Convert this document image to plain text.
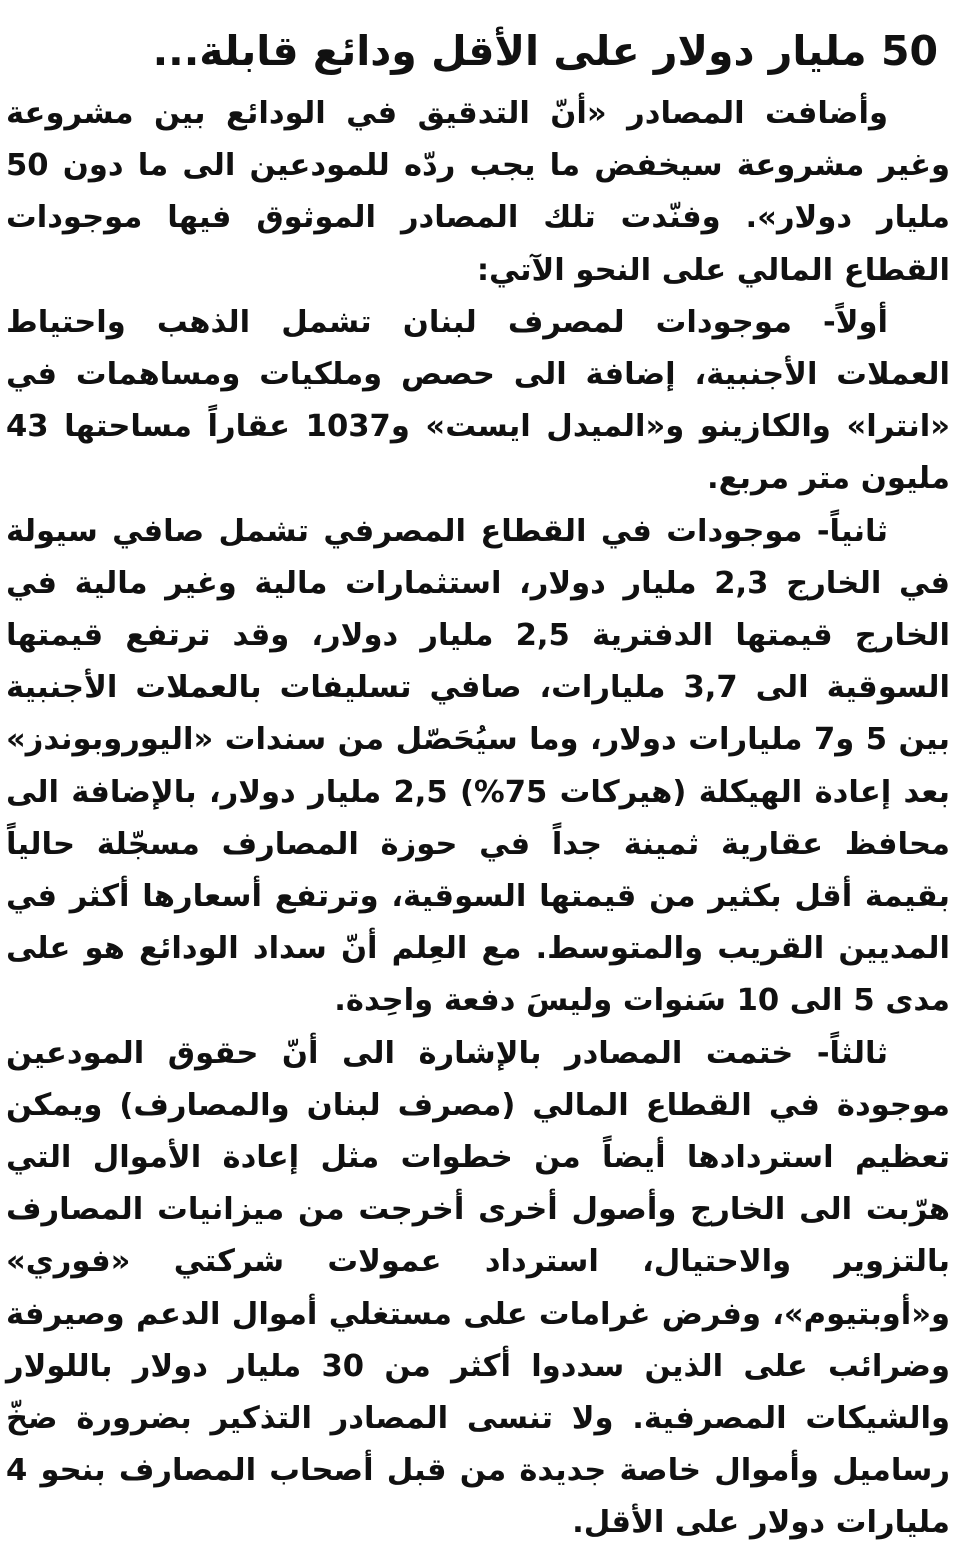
50 مليار دولار على الأقل ودائع قابلة...

وأضافت المصادر «أنّ التدقيق في الودائع بين مشروعة وغير مشروعة سيخفض ما يجب ردّه للمودعين الى ما دون 50 مليار دولار». وفنّدت تلك المصادر الموثوق فيها موجودات القطاع المالي على النحو الآتي:

أولاً- موجودات لمصرف لبنان تشمل الذهب واحتياط العملات الأجنبية، إضافة الى حصص وملكيات ومساهمات في «انترا» والكازينو و«الميدل ايست» و1037 عقاراً مساحتها 43 مليون متر مربع.

ثانياً- موجودات في القطاع المصرفي تشمل صافي سيولة في الخارج 2,3 مليار دولار، استثمارات مالية وغير مالية في الخارج قيمتها الدفترية 2,5 مليار دولار، وقد ترتفع قيمتها السوقية الى 3,7 مليارات، صافي تسليفات بالعملات الأجنبية بين 5 و7 مليارات دولار، وما سيُحَصّل من سندات «اليوروبوندز» بعد إعادة الهيكلة (هيركات 75%) 2,5 مليار دولار، بالإضافة الى محافظ عقارية ثمينة جداً في حوزة المصارف مسجّلة حالياً بقيمة أقل بكثير من قيمتها السوقية، وترتفع أسعارها أكثر في المديين القريب والمتوسط. مع العِلم أنّ سداد الودائع هو على مدى 5 الى 10 سَنوات وليسَ دفعة واحِدة.

ثالثاً- ختمت المصادر بالإشارة الى أنّ حقوق المودعين موجودة في القطاع المالي (مصرف لبنان والمصارف) ويمكن تعظيم استردادها أيضاً من خطوات مثل إعادة الأموال التي هرّبت الى الخارج وأصول أخرى أخرجت من ميزانيات المصارف بالتزوير والاحتيال، استرداد عمولات شركتي «فوري» و«أوبتيوم»، وفرض غرامات على مستغلي أموال الدعم وصيرفة وضرائب على الذين سددوا أكثر من 30 مليار دولار باللولار والشيكات المصرفية. ولا تنسى المصادر التذكير بضرورة ضخّ رساميل وأموال خاصة جديدة من قبل أصحاب المصارف بنحو 4 مليارات دولار على الأقل.
